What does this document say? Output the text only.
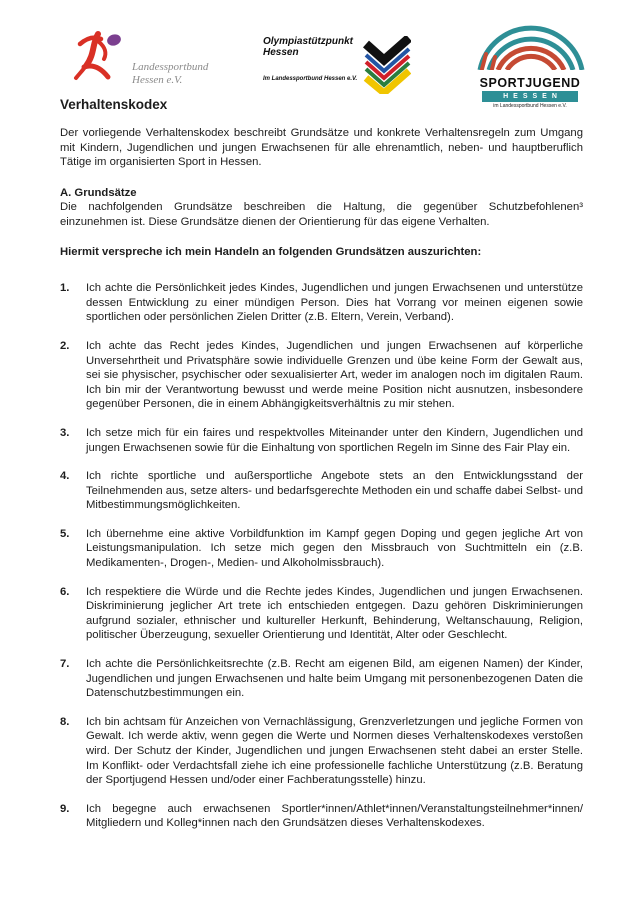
Landessportbund
Hessen e.V.
Olympiastützpunkt
Hessen
Im Landessportbund Hessen e.V.	SPORTJUGEND
HESSEN
im Landessportbund Hessen e.V.
Verhaltenskodex

Der vorliegende Verhaltenskodex beschreibt Grundsätze und konkrete Verhaltensregeln zum Umgang mit Kindern, Jugendlichen und jungen Erwachsenen für alle ehrenamtlich, neben- und hauptberuflich Tätige im organisierten Sport in Hessen.

A. Grundsätze

Die nachfolgenden Grundsätze beschreiben die Haltung, die gegenüber Schutzbefohlenen³ einzunehmen ist. Diese Grundsätze dienen der Orientierung für das eigene Verhalten.

Hiermit verspreche ich mein Handeln an folgenden Grundsätzen auszurichten:

1.	Ich achte die Persönlichkeit jedes Kindes, Jugendlichen und jungen Erwachsenen und unterstütze dessen Entwicklung zu einer mündigen Person. Dies hat Vorrang vor meinen eigenen sowie sportlichen oder persönlichen Zielen Dritter (z.B. Eltern, Verein, Verband).
2.	Ich achte das Recht jedes Kindes, Jugendlichen und jungen Erwachsenen auf körperliche Unversehrtheit und Privatsphäre sowie individuelle Grenzen und übe keine Form der Gewalt aus, sei sie physischer, psychischer oder sexualisierter Art, weder im analogen noch im digitalen Raum. Ich bin mir der Verantwortung bewusst und werde meine Position nicht ausnutzen, insbesondere gegenüber Personen, die in einem Abhängigkeitsverhältnis zu mir stehen.
3.	Ich setze mich für ein faires und respektvolles Miteinander unter den Kindern, Jugendlichen und jungen Erwachsenen sowie für die Einhaltung von sportlichen Regeln im Sinne des Fair Play ein.
4.	Ich richte sportliche und außersportliche Angebote stets an den Entwicklungsstand der Teilnehmenden aus, setze alters- und bedarfsgerechte Methoden ein und schaffe dabei Selbst- und Mitbestimmungsmöglichkeiten.
5.	Ich übernehme eine aktive Vorbildfunktion im Kampf gegen Doping und gegen jegliche Art von Leistungsmanipulation. Ich setze mich gegen den Missbrauch von Suchtmitteln ein (z.B. Medikamenten-, Drogen-, Medien- und Alkoholmissbrauch).
6.	Ich respektiere die Würde und die Rechte jedes Kindes, Jugendlichen und jungen Erwachsenen. Diskriminierung jeglicher Art trete ich entschieden entgegen. Dazu gehören Diskriminierungen aufgrund sozialer, ethnischer und kultureller Herkunft, Behinderung, Weltanschauung, Religion, politischer Überzeugung, sexueller Orientierung und Identität, Alter oder Geschlecht.
7.	Ich achte die Persönlichkeitsrechte (z.B. Recht am eigenen Bild, am eigenen Namen) der Kinder, Jugendlichen und jungen Erwachsenen und halte beim Umgang mit personenbezogenen Daten die Datenschutzbestimmungen ein.
8.	Ich bin achtsam für Anzeichen von Vernachlässigung, Grenzverletzungen und jegliche Formen von Gewalt. Ich werde aktiv, wenn gegen die Werte und Normen dieses Verhaltenskodexes verstoßen wird. Der Schutz der Kinder, Jugendlichen und jungen Erwachsenen steht dabei an erster Stelle. Im Konflikt- oder Verdachtsfall ziehe ich eine professionelle fachliche Unterstützung (z.B. Beratung der Sportjugend Hessen und/oder einer Fachberatungsstelle) hinzu.
9.	Ich begegne auch erwachsenen Sportler*innen/Athlet*innen/Veranstaltungsteilnehmer*innen/ Mitgliedern und Kolleg*innen nach den Grundsätzen dieses Verhaltenskodexes.
